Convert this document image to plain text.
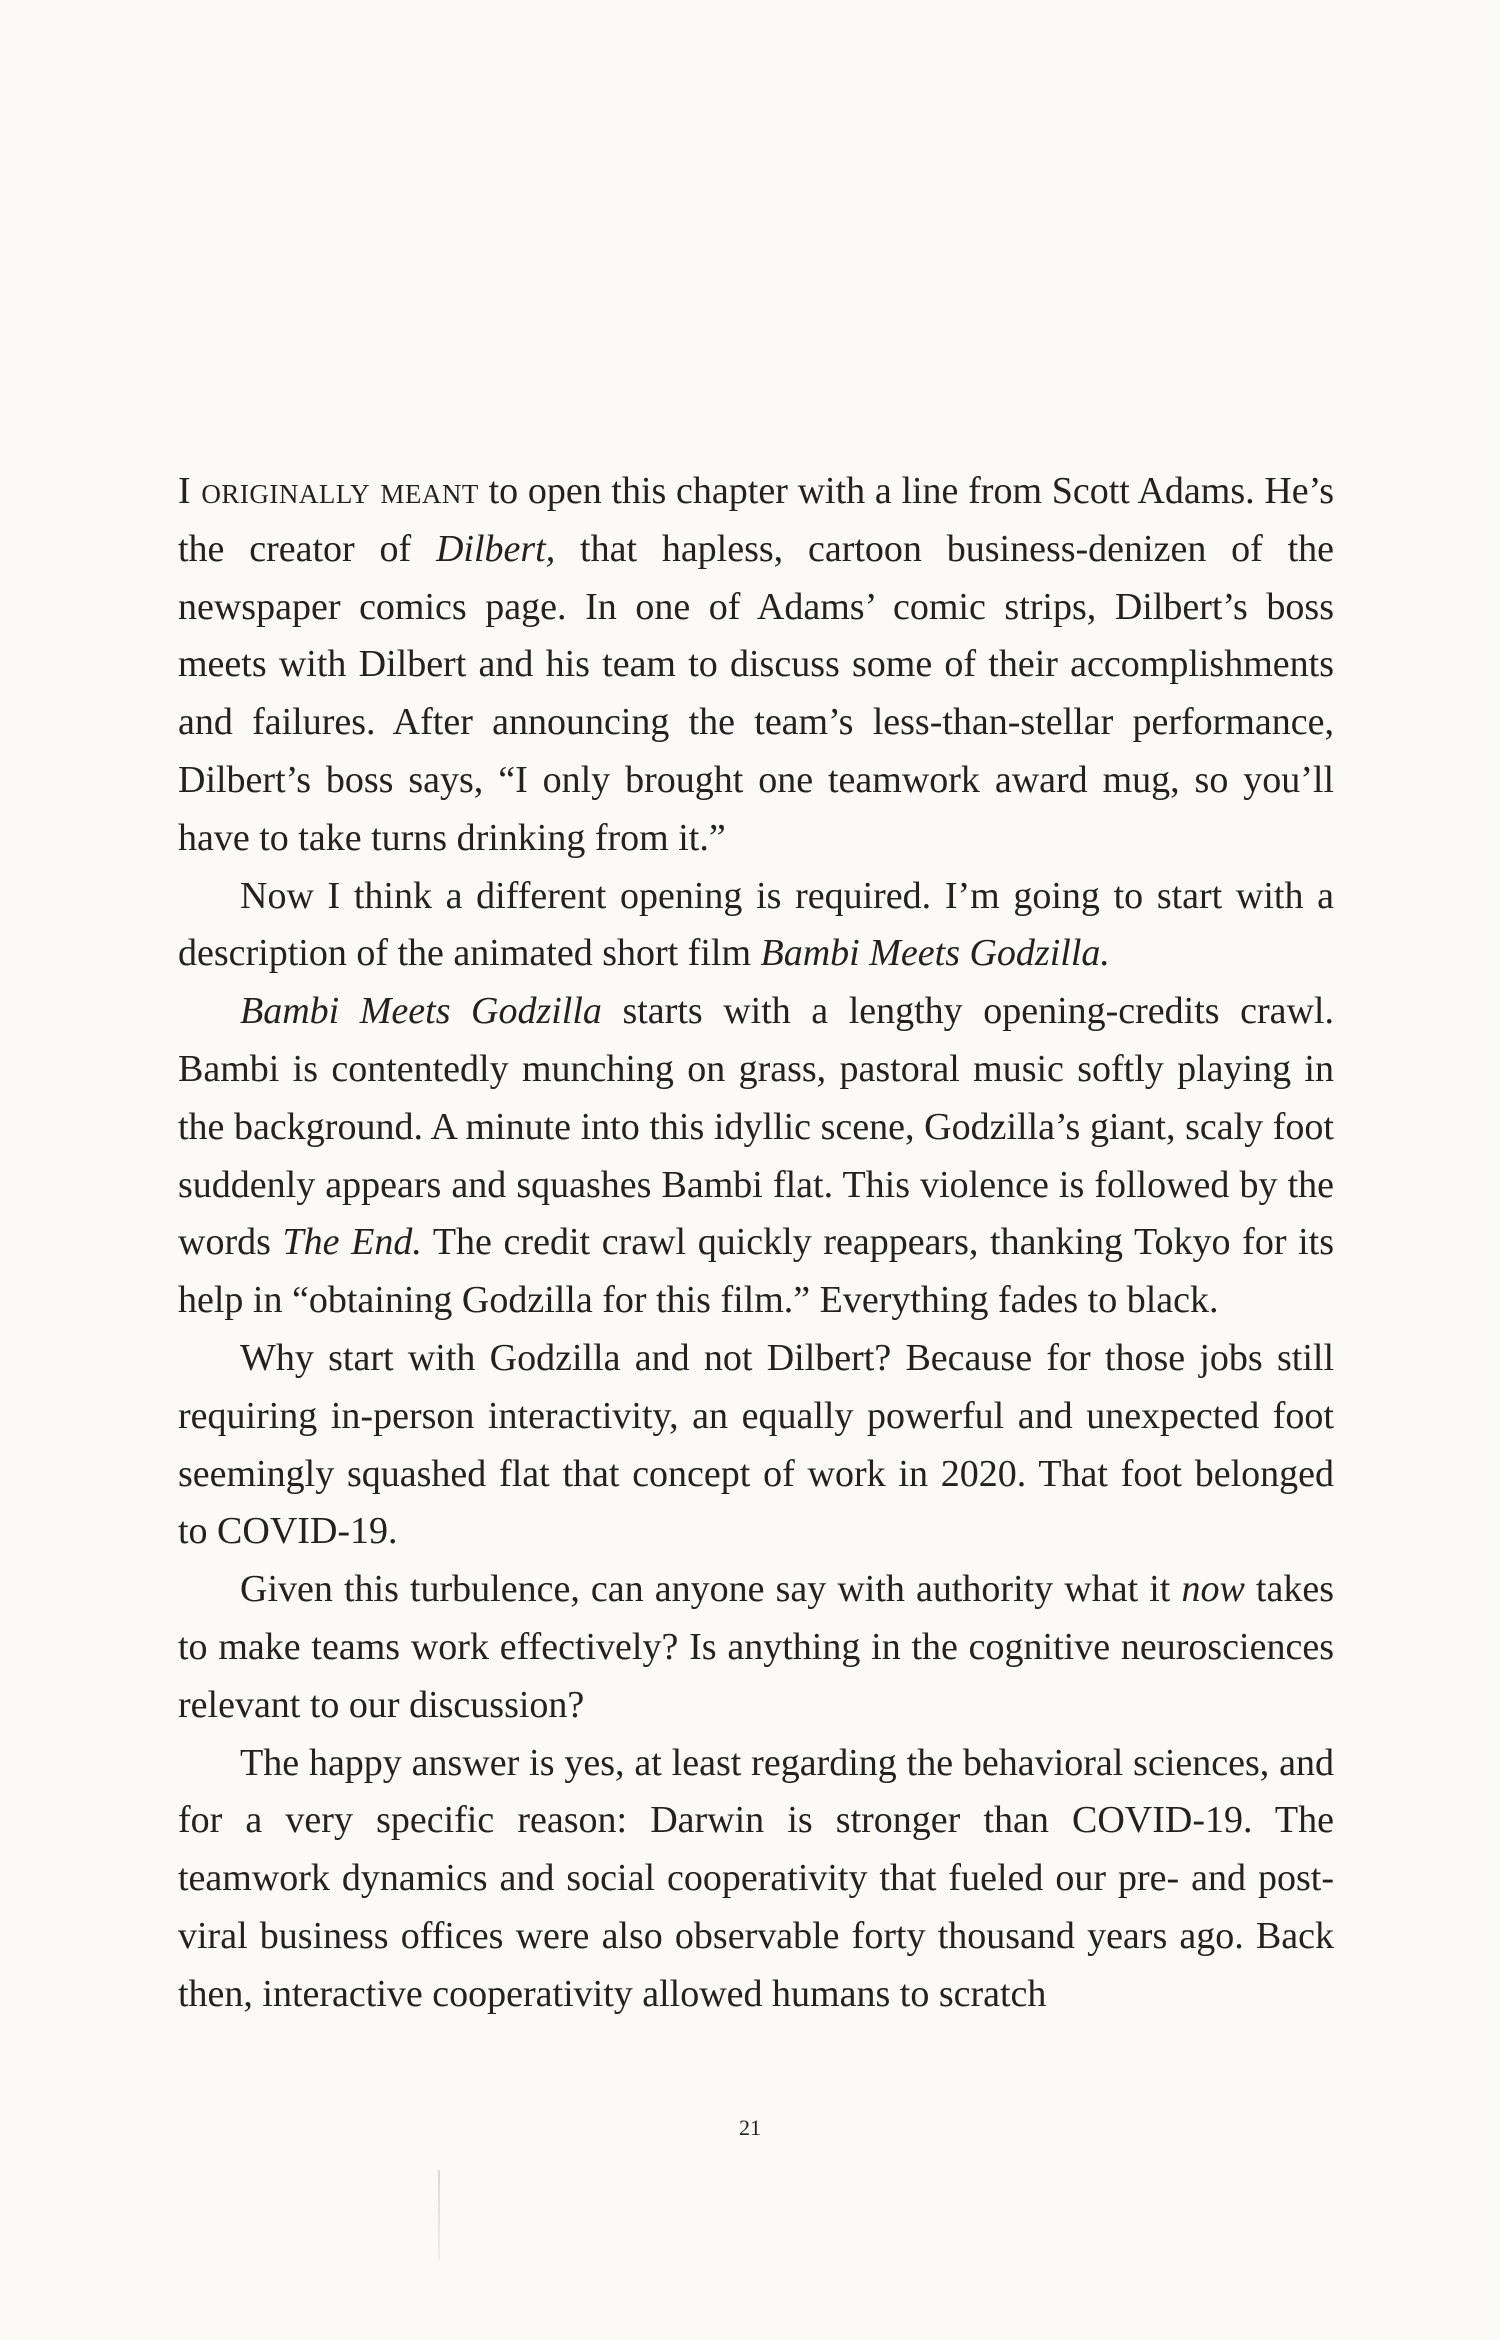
I originally meant to open this chapter with a line from Scott Adams. He’s the creator of Dilbert, that hapless, cartoon business-denizen of the newspaper comics page. In one of Adams’ comic strips, Dilbert’s boss meets with Dilbert and his team to discuss some of their accomplishments and failures. After announcing the team’s less-than-stellar performance, Dilbert’s boss says, “I only brought one teamwork award mug, so you’ll have to take turns drinking from it.”

Now I think a different opening is required. I’m going to start with a description of the animated short film Bambi Meets Godzilla.

Bambi Meets Godzilla starts with a lengthy opening-credits crawl. Bambi is contentedly munching on grass, pastoral music softly playing in the background. A minute into this idyllic scene, Godzilla’s giant, scaly foot suddenly appears and squashes Bambi flat. This violence is followed by the words The End. The credit crawl quickly reappears, thanking Tokyo for its help in “obtaining Godzilla for this film.” Everything fades to black.

Why start with Godzilla and not Dilbert? Because for those jobs still requiring in-person interactivity, an equally powerful and unexpected foot seemingly squashed flat that concept of work in 2020. That foot belonged to COVID-19.

Given this turbulence, can anyone say with authority what it now takes to make teams work effectively? Is anything in the cognitive neurosciences relevant to our discussion?

The happy answer is yes, at least regarding the behavioral sciences, and for a very specific reason: Darwin is stronger than COVID-19. The teamwork dynamics and social cooperativity that fueled our pre- and post-viral business offices were also observable forty thousand years ago. Back then, interactive cooperativity allowed humans to scratch

21
